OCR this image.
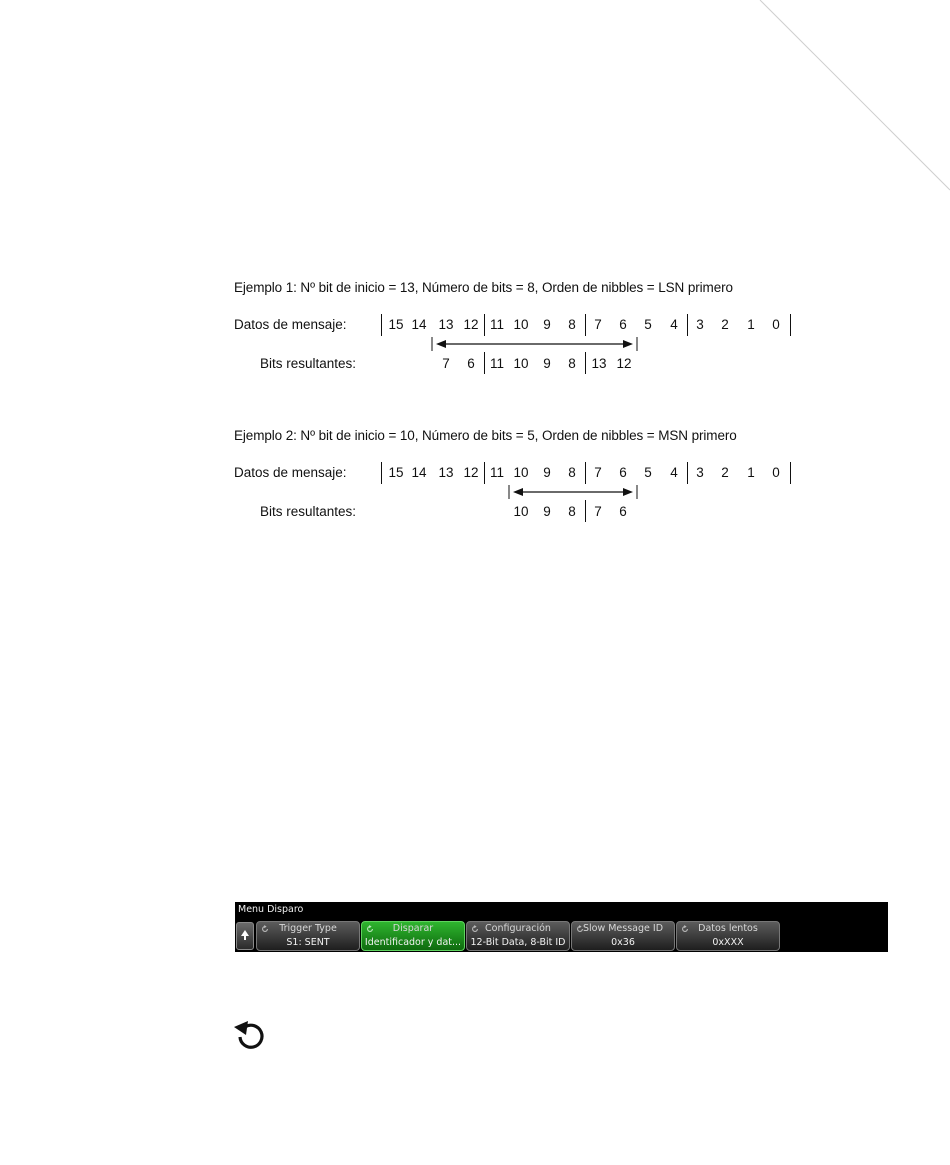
Ejemplo 1: Nº bit de inicio = 13, Número de bits = 8, Orden de nibbles = LSN primero
Datos de mensaje:	15 14 13 12 11 10 9 8 7 6 5 4 3 2 1 0
Bits resultantes:	7 6 11 10 9 8 13 12
Ejemplo 2: Nº bit de inicio = 10, Número de bits = 5, Orden de nibbles = MSN primero
Datos de mensaje:	15 14 13 12 11 10 9 8 7 6 5 4 3 2 1 0
Bits resultantes:	10 9 8 7 6
Menu Disparo
Trigger Type
S1: SENT
Disparar
Identificador y dat...
Configuración
12-Bit Data, 8-Bit ID
Slow Message ID
0x36
Datos lentos
0xXXX
